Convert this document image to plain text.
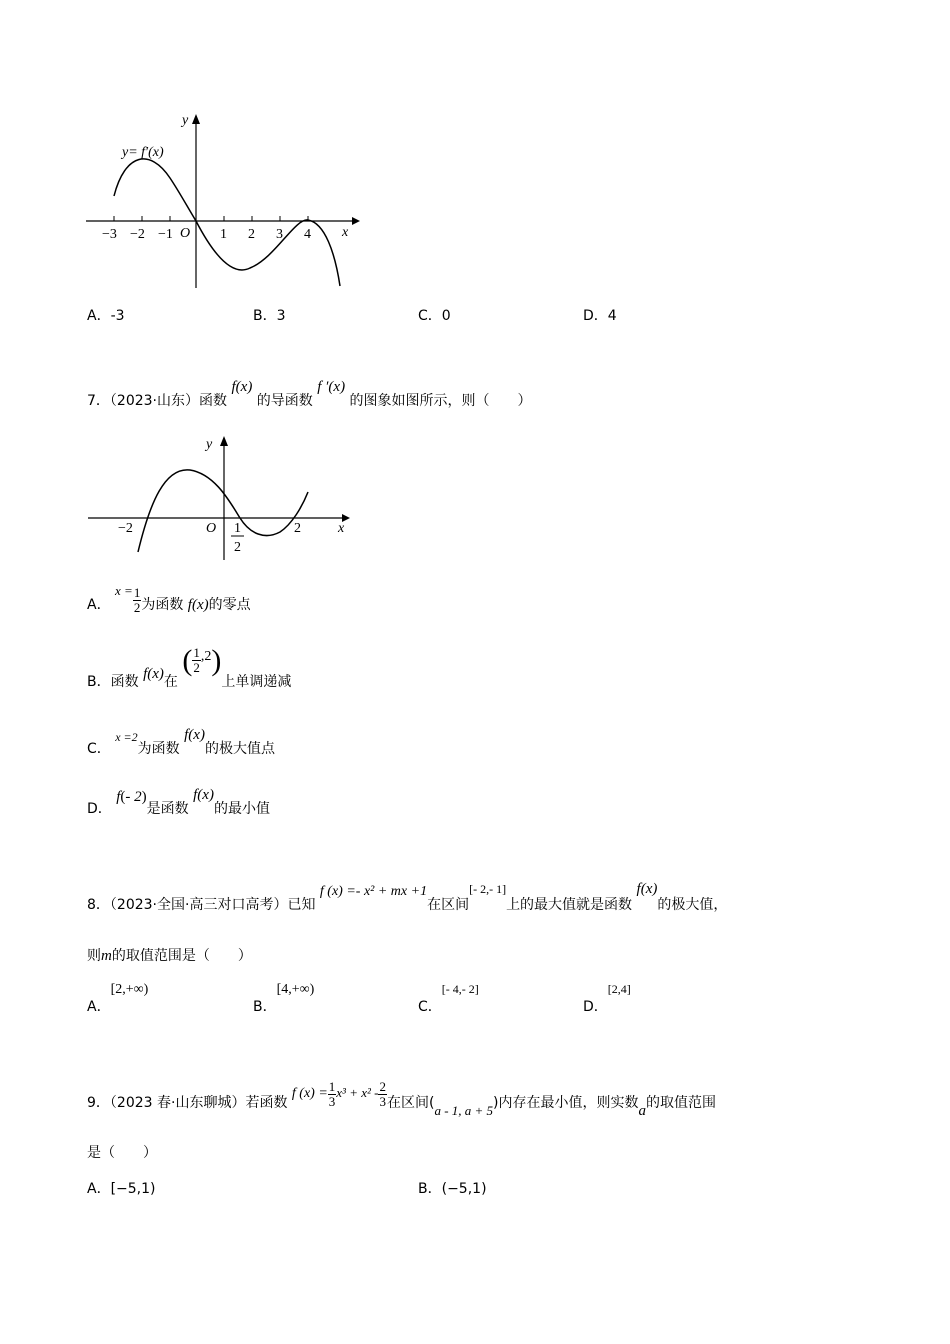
y= f′(x)
y
x
O
−3 −2 −1	1 2 3 4
A．-3	B．3	C．0	D．4
7．（2023·山东）函数 f(x) 的导函数 f ′(x) 的图象如图所示，则（　　）
y
x
O
−2	2
1
2
A． $x = \frac{1}{2}$ 为函数 f(x)的零点
B．函数 f(x)在 ( $\frac{1}{2} ,2$)上单调递减
C． x =2为函数 f(x)的极大值点
D． f(- 2)是函数 f(x)的最小值
8．（2023·全国·高三对口高考）已知 f (x) =- x² + mx +1在区间[- 2,- 1]上的最大值就是函数 f(x)的极大值，
则m的取值范围是（　　）
A．[2,+∞)
B．[4,+∞)
C．[- 4,- 2]
D．[2,4]
9．（2023 春·山东聊城）若函数 f $(x) = \frac{1}{3} x^3 + x^2 - \frac{2}{3}$ 在区间(a - 1, a + 5)内存在最小值，则实数a的取值范围
是（　　）
A．[−5,1)	B．(−5,1)
